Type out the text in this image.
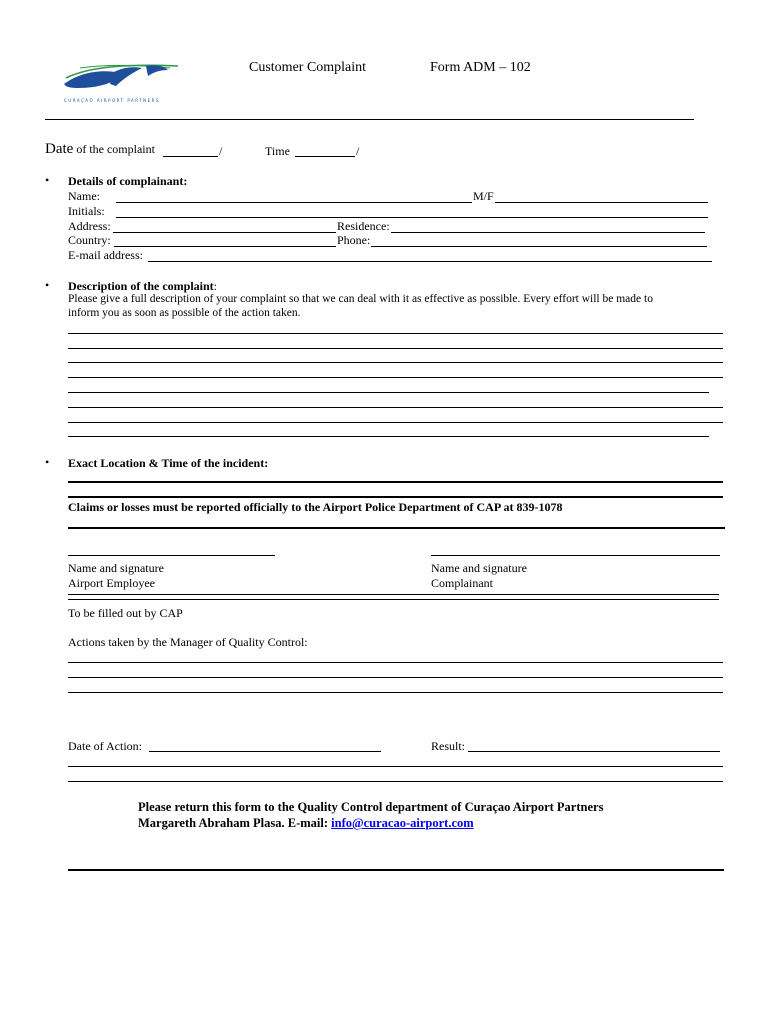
CURAÇAO AIRPORT PARTNERS
Customer Complaint	Form ADM – 102
Date of the complaint	/	Time	/
• Details of complainant:
Name:	M/F
Initials:
Address:	Residence:
Country:	Phone:
E-mail address:
• Description of the complaint:
Please give a full description of your complaint so that we can deal with it as effective as possible. Every effort will be made to
inform you as soon as possible of the action taken.
• Exact Location & Time of the incident:
Claims or losses must be reported officially to the Airport Police Department of CAP at 839-1078
Name and signature
Airport Employee
Name and signature
Complainant
To be filled out by CAP
Actions taken by the Manager of Quality Control:
Date of Action:	Result:
Please return this form to the Quality Control department of Curaçao Airport Partners
Margareth Abraham Plasa. E-mail: info@curacao-airport.com
